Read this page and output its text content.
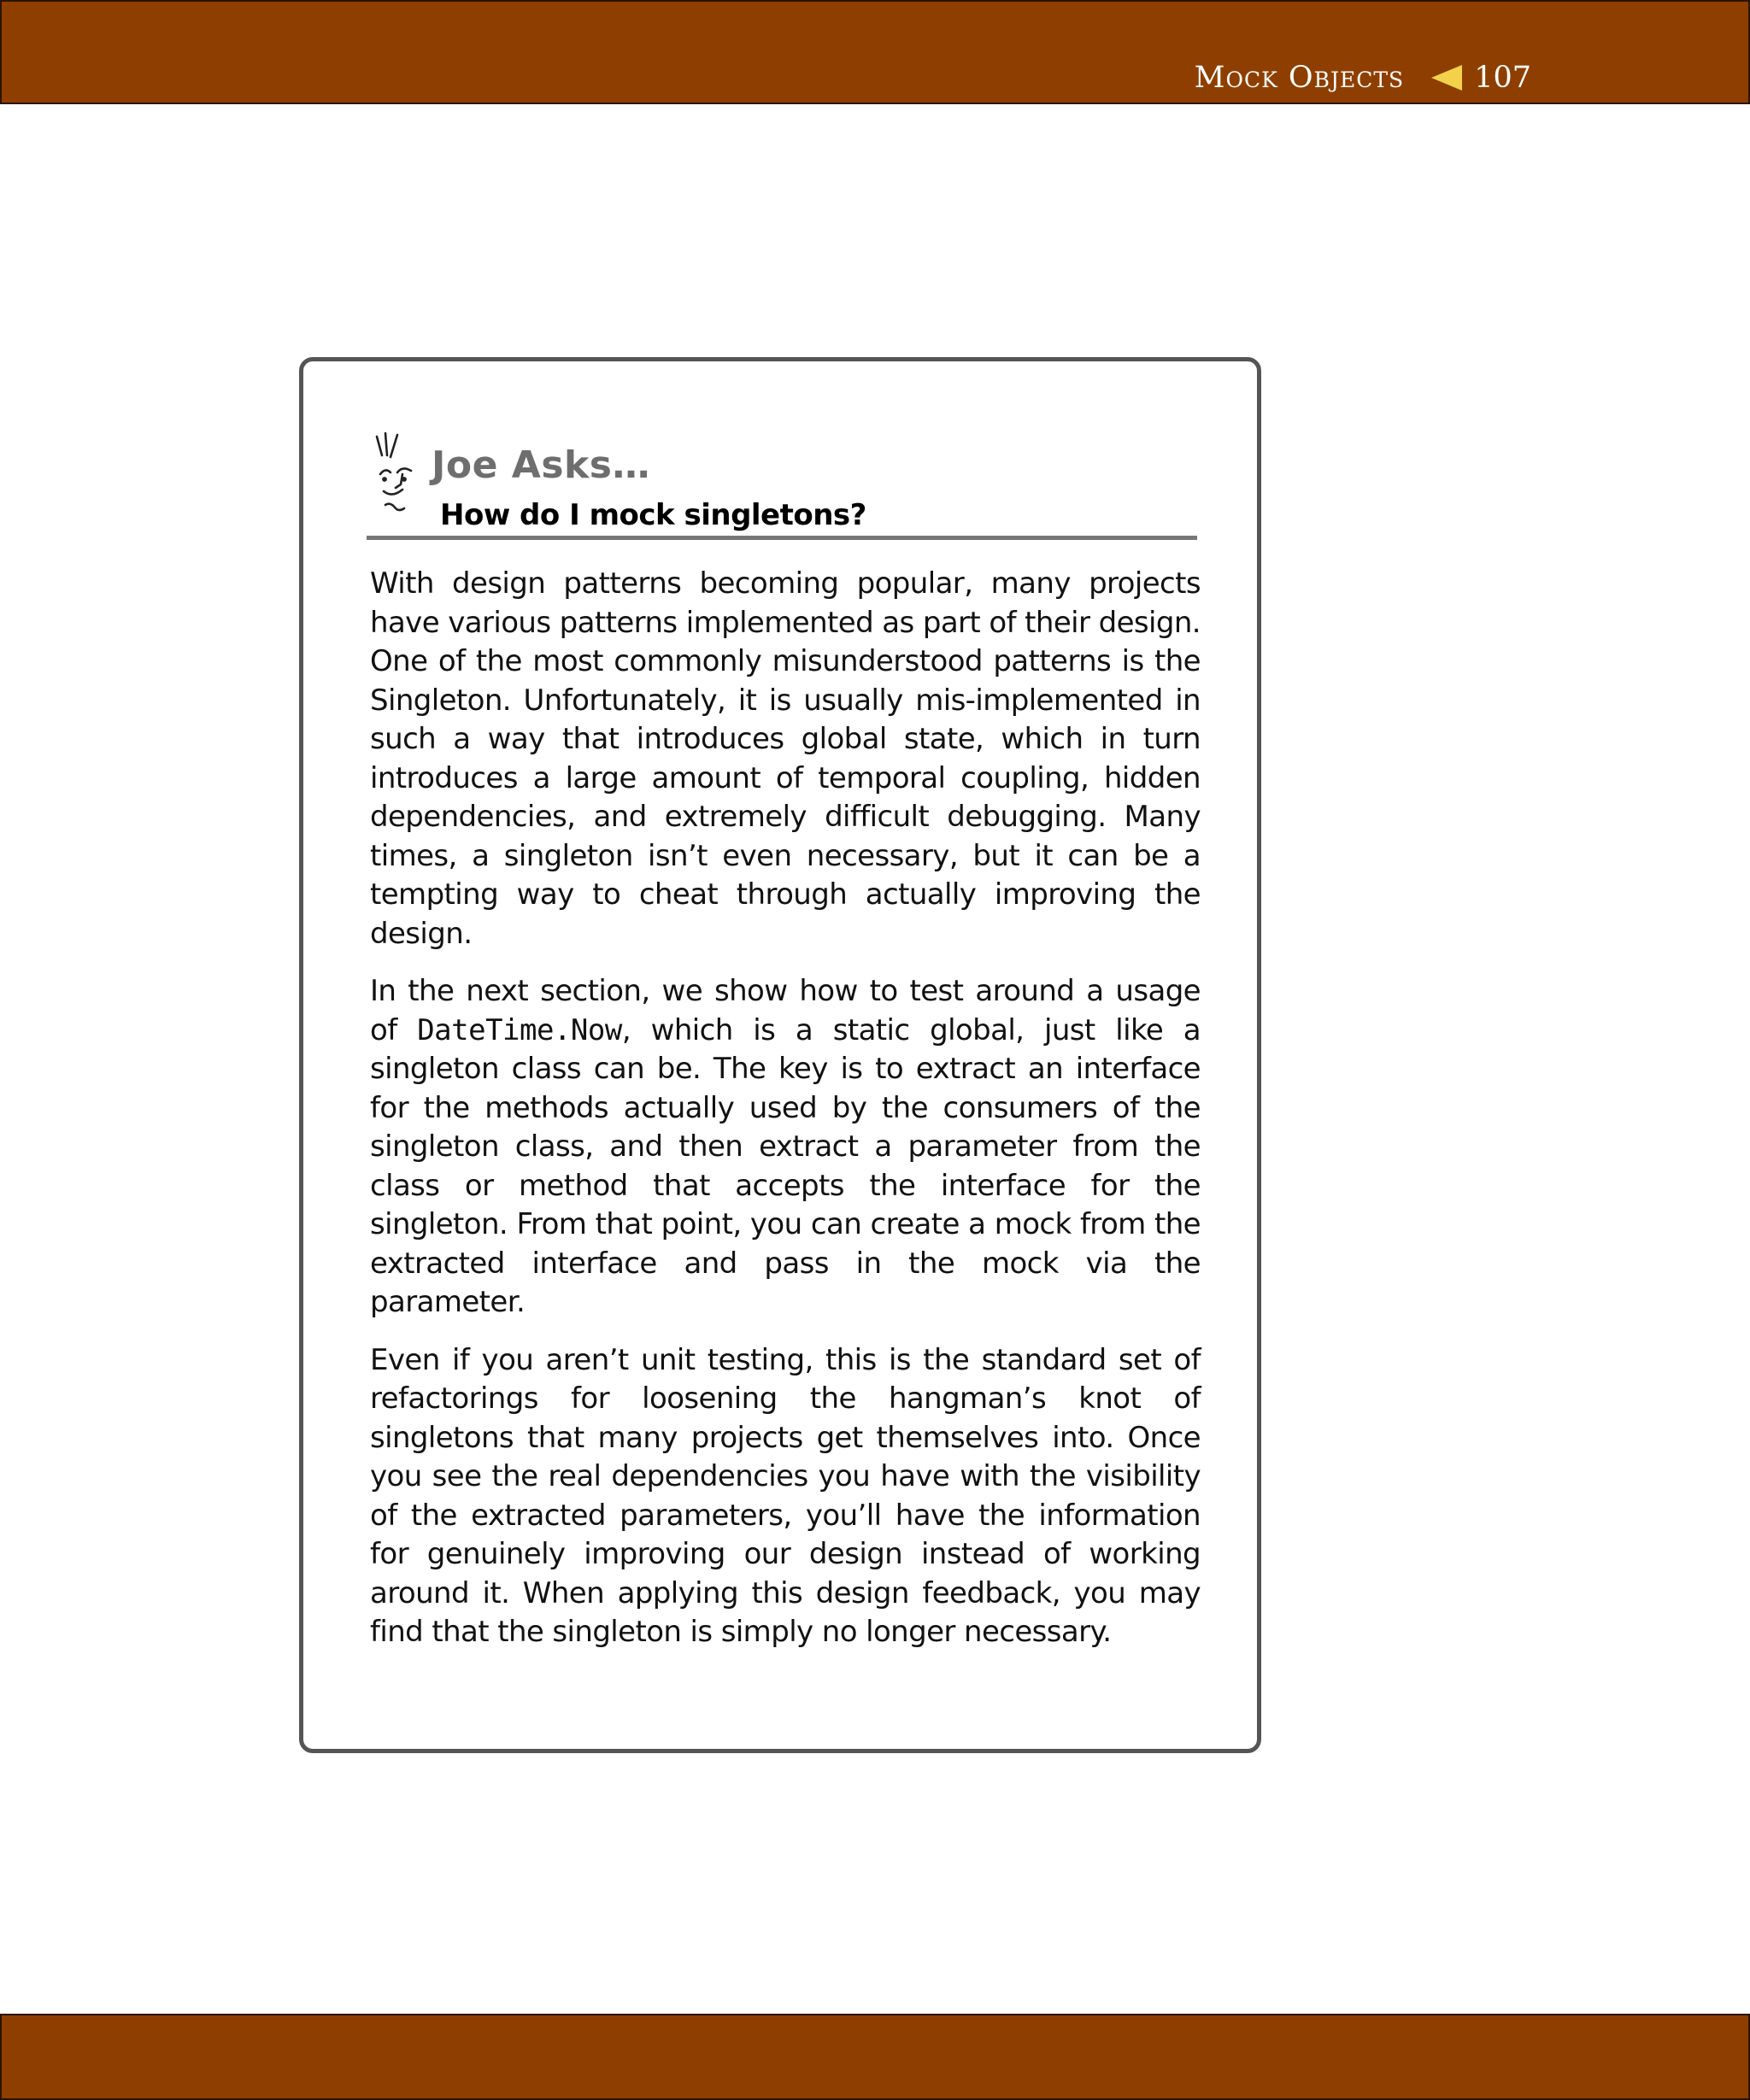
Mock Objects 107
Joe Asks…
How do I mock singletons?

With design patterns becoming popular, many projects have various patterns implemented as part of their design. One of the most commonly misunderstood patterns is the Singleton. Unfortunately, it is usually mis-implemented in such a way that introduces global state, which in turn introduces a large amount of temporal coupling, hidden dependencies, and extremely difficult debugging. Many times, a singleton isn’t even necessary, but it can be a tempting way to cheat through actually improving the design.

In the next section, we show how to test around a usage of DateTime.Now, which is a static global, just like a singleton class can be. The key is to extract an interface for the methods actually used by the consumers of the singleton class, and then extract a parameter from the class or method that accepts the interface for the singleton. From that point, you can create a mock from the extracted interface and pass in the mock via the parameter.

Even if you aren’t unit testing, this is the standard set of refactorings for loosening the hangman’s knot of singletons that many projects get themselves into. Once you see the real dependencies you have with the visibility of the extracted parameters, you’ll have the information for genuinely improving our design instead of working around it. When applying this design feedback, you may find that the singleton is simply no longer necessary.
